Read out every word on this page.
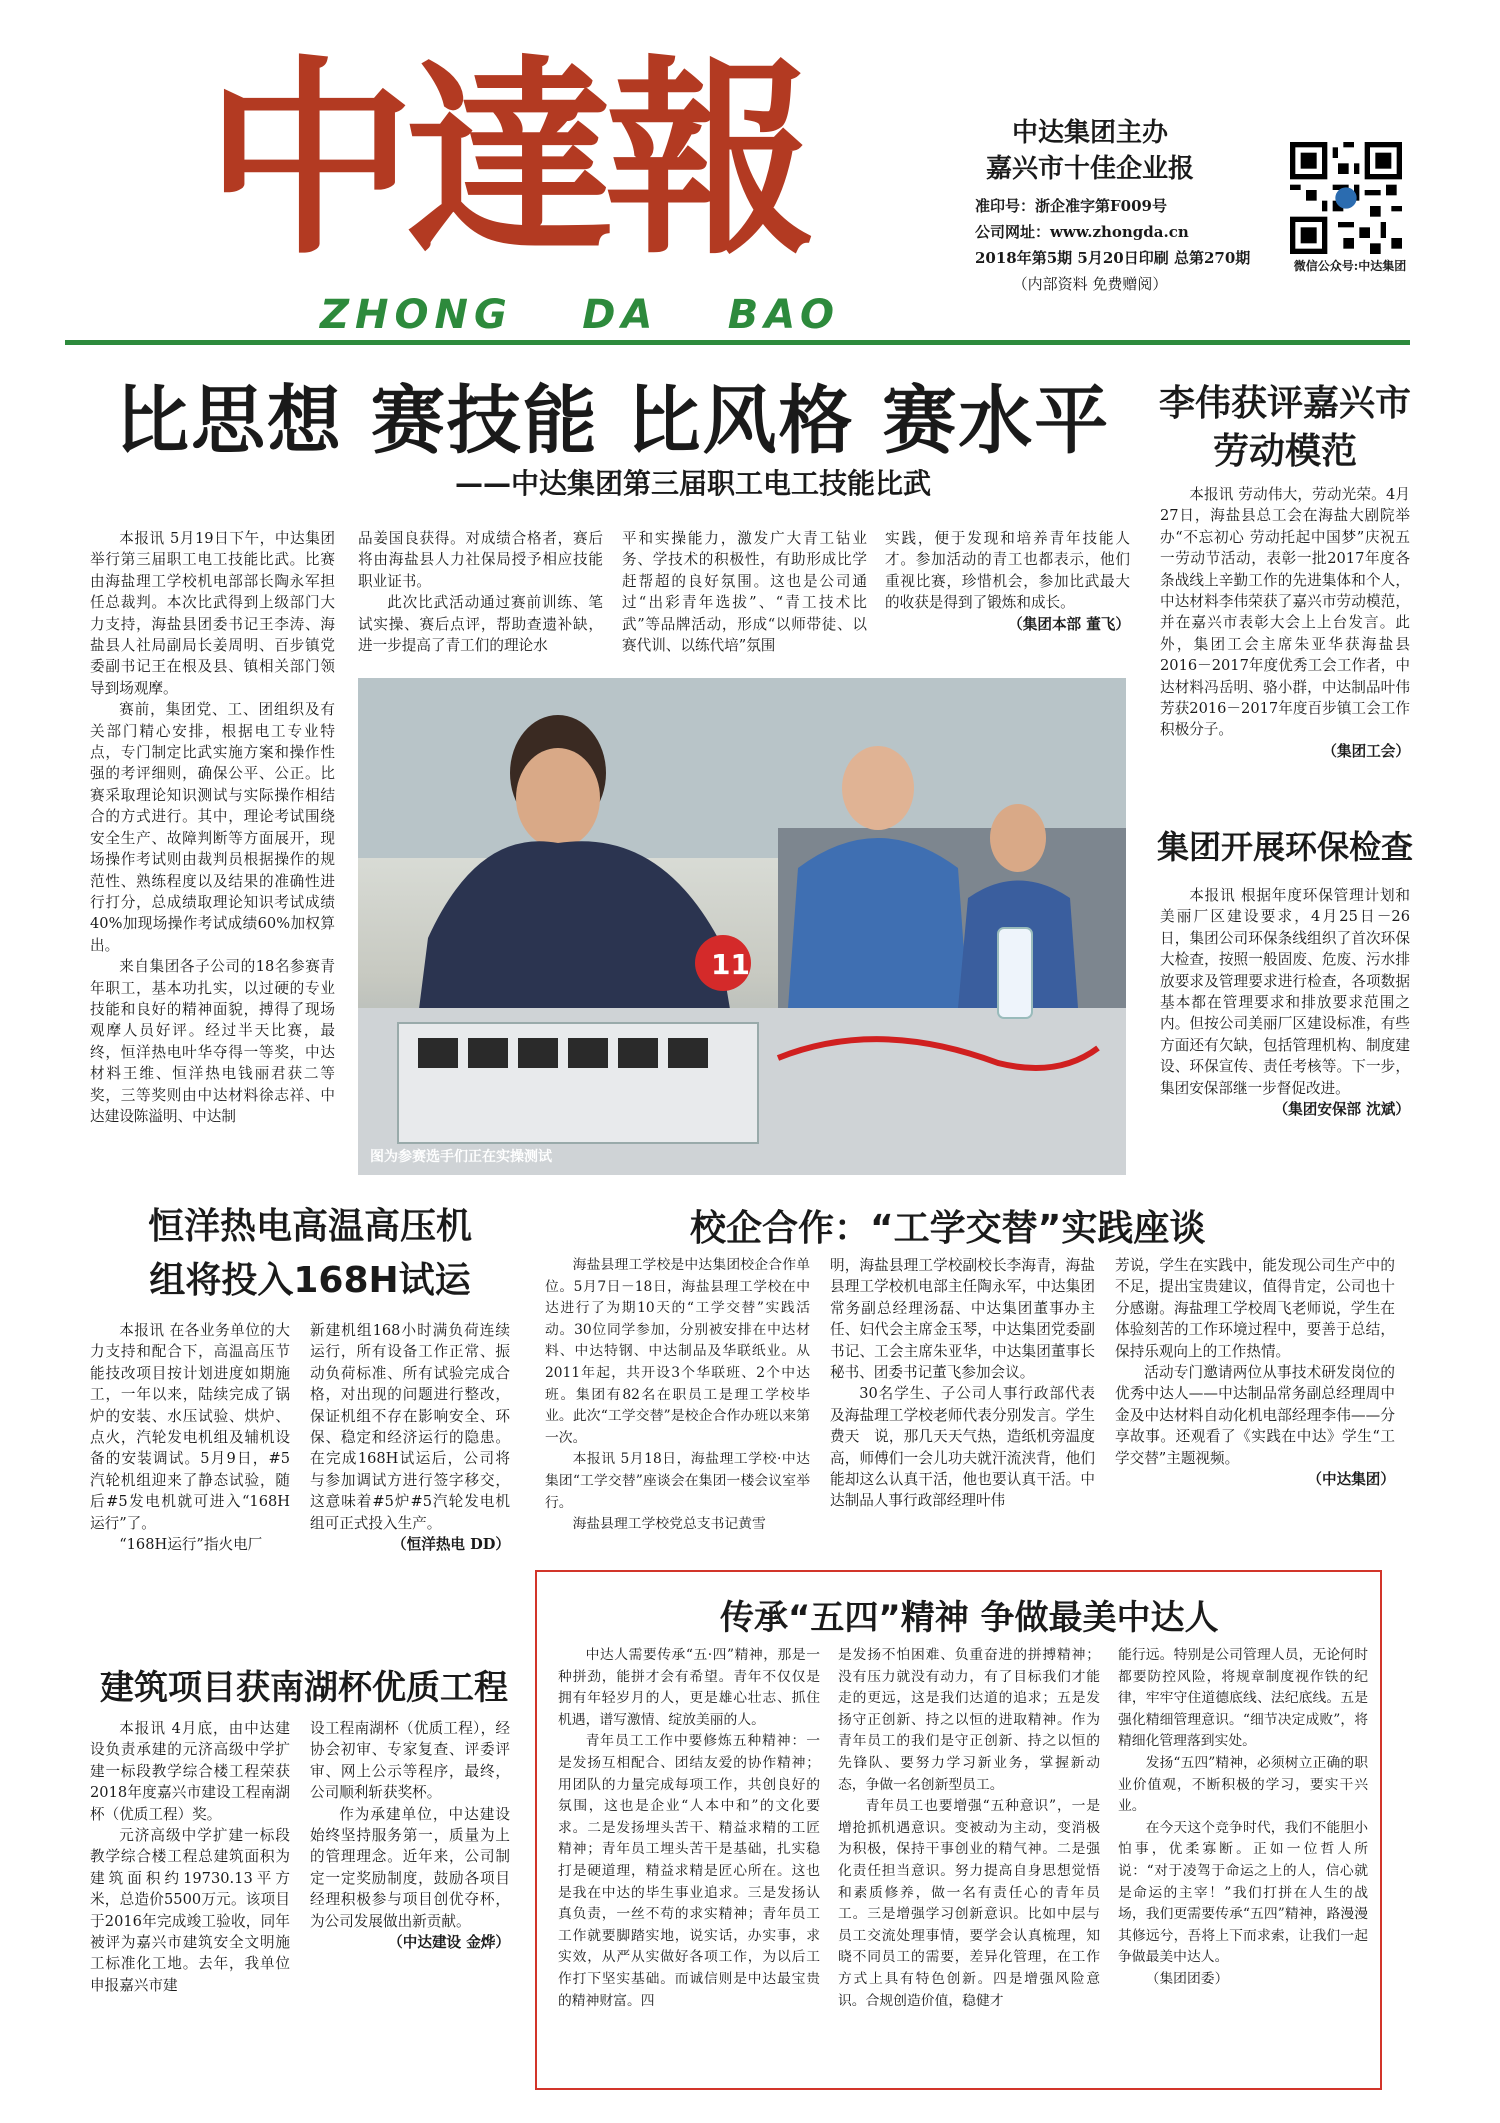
中達報
ZHONG DA BAO
中达集团主办
嘉兴市十佳企业报
准印号：浙企准字第F009号
公司网址：www.zhongda.cn
2018年第5期 5月20日印刷 总第270期
（内部资料 免费赠阅）
微信公众号:中达集团
比思想 赛技能 比风格 赛水平
——中达集团第三届职工电工技能比武

本报讯 5月19日下午，中达集团举行第三届职工电工技能比武。比赛由海盐理工学校机电部部长陶永军担任总裁判。本次比武得到上级部门大力支持，海盐县团委书记王李涛、海盐县人社局副局长姜周明、百步镇党委副书记王在根及县、镇相关部门领导到场观摩。

赛前，集团党、工、团组织及有关部门精心安排，根据电工专业特点，专门制定比武实施方案和操作性强的考评细则，确保公平、公正。比赛采取理论知识测试与实际操作相结合的方式进行。其中，理论考试围绕安全生产、故障判断等方面展开，现场操作考试则由裁判员根据操作的规范性、熟练程度以及结果的准确性进行打分，总成绩取理论知识考试成绩40%加现场操作考试成绩60%加权算出。

来自集团各子公司的18名参赛青年职工，基本功扎实，以过硬的专业技能和良好的精神面貌，搏得了现场观摩人员好评。经过半天比赛，最终，恒洋热电叶华夺得一等奖，中达材料王维、恒洋热电钱丽君获二等奖，三等奖则由中达材料徐志祥、中达建设陈溢明、中达制

品姜国良获得。对成绩合格者，赛后将由海盐县人力社保局授予相应技能职业证书。

此次比武活动通过赛前训练、笔试实操、赛后点评，帮助查遗补缺，进一步提高了青工们的理论水

平和实操能力，激发广大青工钻业务、学技术的积极性，有助形成比学赶帮超的良好氛围。这也是公司通过“出彩青年选拔”、“青工技术比武”等品牌活动，形成“以师带徒、以赛代训、以练代培”氛围

实践，便于发现和培养青年技能人才。参加活动的青工也都表示，他们重视比赛，珍惜机会，参加比武最大的收获是得到了锻炼和成长。

（集团本部 董飞）

11
图为参赛选手们正在实操测试
李伟获评嘉兴市劳动模范

本报讯 劳动伟大，劳动光荣。4月27日，海盐县总工会在海盐大剧院举办“不忘初心 劳动托起中国梦”庆祝五一劳动节活动，表彰一批2017年度各条战线上辛勤工作的先进集体和个人，中达材料李伟荣获了嘉兴市劳动模范，并在嘉兴市表彰大会上上台发言。此外，集团工会主席朱亚华获海盐县2016－2017年度优秀工会工作者，中达材料冯岳明、骆小群，中达制品叶伟芳获2016－2017年度百步镇工会工作积极分子。

（集团工会）

集团开展环保检查

本报讯 根据年度环保管理计划和美丽厂区建设要求，4月25日－26日，集团公司环保条线组织了首次环保大检查，按照一般固废、危废、污水排放要求及管理要求进行检查，各项数据基本都在管理要求和排放要求范围之内。但按公司美丽厂区建设标准，有些方面还有欠缺，包括管理机构、制度建设、环保宣传、责任考核等。下一步，集团安保部继一步督促改进。

（集团安保部 沈斌）

恒洋热电高温高压机
组将投入168H试运

本报讯 在各业务单位的大力支持和配合下，高温高压节能技改项目按计划进度如期施工，一年以来，陆续完成了锅炉的安装、水压试验、烘炉、点火，汽轮发电机组及辅机设备的安装调试。5月9日，#5汽轮机组迎来了静态试验，随后#5发电机就可进入“168H运行”了。

“168H运行”指火电厂

新建机组168小时满负荷连续运行，所有设备工作正常、振动负荷标准、所有试验完成合格，对出现的问题进行整改，保证机组不存在影响安全、环保、稳定和经济运行的隐患。在完成168H试运后，公司将与参加调试方进行签字移交，这意味着#5炉#5汽轮发电机组可正式投入生产。

（恒洋热电 DD）

校企合作：“工学交替”实践座谈

海盐县理工学校是中达集团校企合作单位。5月7日－18日，海盐县理工学校在中达进行了为期10天的“工学交替”实践活动。30位同学参加，分别被安排在中达材料、中达特钢、中达制品及华联纸业。从2011年起，共开设3个华联班、2个中达班。集团有82名在职员工是理工学校毕业。此次“工学交替”是校企合作办班以来第一次。

本报讯 5月18日，海盐理工学校·中达集团“工学交替”座谈会在集团一楼会议室举行。

海盐县理工学校党总支书记黄雪

明，海盐县理工学校副校长李海青，海盐县理工学校机电部主任陶永军，中达集团常务副总经理汤磊、中达集团董事办主任、妇代会主席金玉琴，中达集团党委副书记、工会主席朱亚华，中达集团董事长秘书、团委书记董飞参加会议。

30名学生、子公司人事行政部代表及海盐理工学校老师代表分别发言。学生费天　说，那几天天气热，造纸机旁温度高，师傅们一会儿功夫就汗流浃背，他们能却这么认真干活，他也要认真干活。中达制品人事行政部经理叶伟

芳说，学生在实践中，能发现公司生产中的不足，提出宝贵建议，值得肯定，公司也十分感谢。海盐理工学校周飞老师说，学生在体验刻苦的工作环境过程中，要善于总结，保持乐观向上的工作热情。

活动专门邀请两位从事技术研发岗位的优秀中达人——中达制品常务副总经理周中金及中达材料自动化机电部经理李伟——分享故事。还观看了《实践在中达》学生“工学交替”主题视频。

（中达集团）

建筑项目获南湖杯优质工程

本报讯 4月底，由中达建设负责承建的元济高级中学扩建一标段教学综合楼工程荣获2018年度嘉兴市建设工程南湖杯（优质工程）奖。

元济高级中学扩建一标段教学综合楼工程总建筑面积为建筑面积约19730.13平方米，总造价5500万元。该项目于2016年完成竣工验收，同年被评为嘉兴市建筑安全文明施工标准化工地。去年，我单位申报嘉兴市建

设工程南湖杯（优质工程），经协会初审、专家复查、评委评审、网上公示等程序，最终，公司顺利斩获奖杯。

作为承建单位，中达建设始终坚持服务第一，质量为上的管理理念。近年来，公司制定一定奖励制度，鼓励各项目经理积极参与项目创优夺杯，为公司发展做出新贡献。

（中达建设 金烨）

传承“五四”精神 争做最美中达人

中达人需要传承“五·四”精神，那是一种拼劲，能拼才会有希望。青年不仅仅是拥有年轻岁月的人，更是雄心壮志、抓住机遇，谱写激情、绽放美丽的人。

青年员工工作中要修炼五种精神：一是发扬互相配合、团结友爱的协作精神；用团队的力量完成每项工作，共创良好的氛围，这也是企业“人本中和”的文化要求。二是发扬埋头苦干、精益求精的工匠精神；青年员工埋头苦干是基础，扎实稳打是硬道理，精益求精是匠心所在。这也是我在中达的毕生事业追求。三是发扬认真负责，一丝不苟的求实精神；青年员工工作就要脚踏实地，说实话，办实事，求实效，从严从实做好各项工作，为以后工作打下坚实基础。而诚信则是中达最宝贵的精神财富。四

是发扬不怕困难、负重奋进的拼搏精神；没有压力就没有动力，有了目标我们才能走的更远，这是我们达道的追求；五是发扬守正创新、持之以恒的进取精神。作为青年员工的我们是守正创新、持之以恒的先锋队、要努力学习新业务，掌握新动态，争做一名创新型员工。

青年员工也要增强“五种意识”，一是增抢抓机遇意识。变被动为主动，变消极为积极，保持干事创业的精气神。二是强化责任担当意识。努力提高自身思想觉悟和素质修养，做一名有责任心的青年员工。三是增强学习创新意识。比如中层与员工交流处理事情，要学会认真梳理，知晓不同员工的需要，差异化管理，在工作方式上具有特色创新。四是增强风险意识。合规创造价值，稳健才

能行远。特别是公司管理人员，无论何时都要防控风险，将规章制度视作铁的纪律，牢牢守住道德底线、法纪底线。五是强化精细管理意识。“细节决定成败”，将精细化管理落到实处。

发扬“五四”精神，必须树立正确的职业价值观，不断积极的学习，要实干兴业。

在今天这个竞争时代，我们不能胆小怕事，优柔寡断。正如一位哲人所说：“对于凌驾于命运之上的人，信心就是命运的主宰！”我们打拼在人生的战场，我们更需要传承“五四”精神，路漫漫其修远兮，吾将上下而求索，让我们一起争做最美中达人。

（集团团委）
